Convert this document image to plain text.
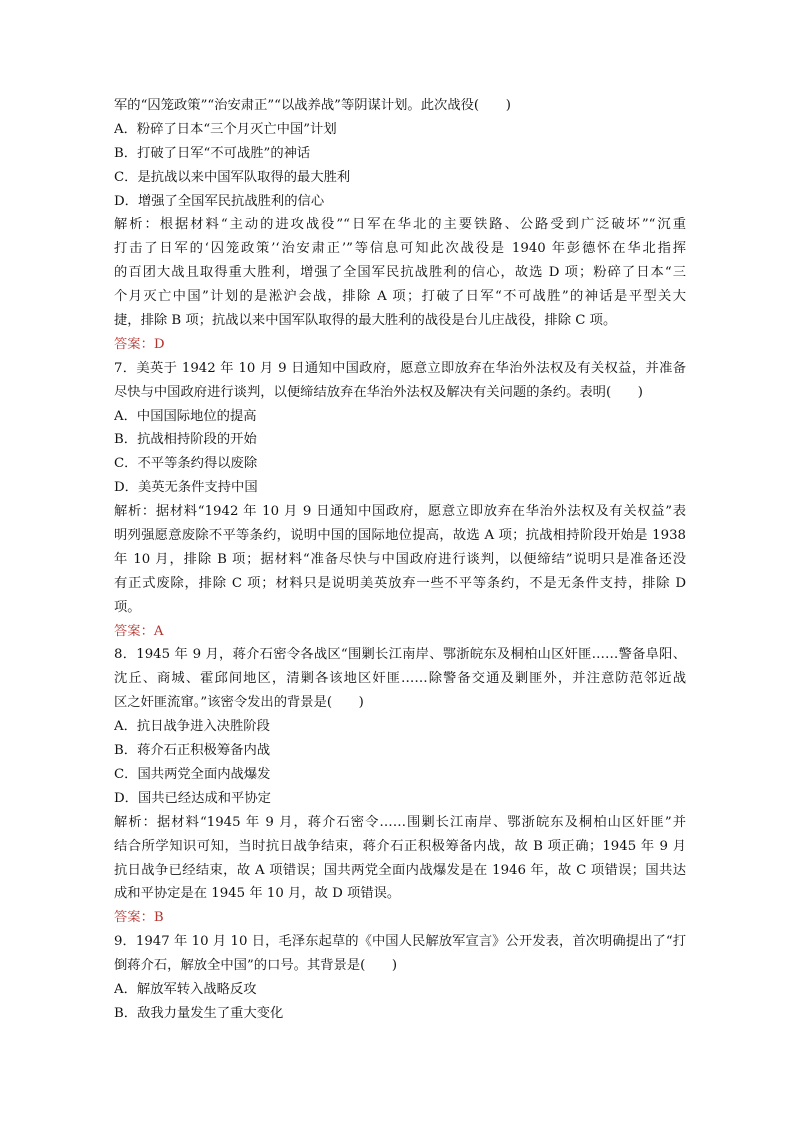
军的“囚笼政策”“治安肃正”“以战养战”等阴谋计划。此次战役(　　)
A．粉碎了日本“三个月灭亡中国”计划
B．打破了日军“不可战胜”的神话
C．是抗战以来中国军队取得的最大胜利
D．增强了全国军民抗战胜利的信心
解析：根据材料“主动的进攻战役”“日军在华北的主要铁路、公路受到广泛破坏”“沉重
打击了日军的‘囚笼政策’‘治安肃正’”等信息可知此次战役是 1940 年彭德怀在华北指挥
的百团大战且取得重大胜利，增强了全国军民抗战胜利的信心，故选 D 项；粉碎了日本“三
个月灭亡中国”计划的是淞沪会战，排除 A 项；打破了日军“不可战胜”的神话是平型关大
捷，排除 B 项；抗战以来中国军队取得的最大胜利的战役是台儿庄战役，排除 C 项。
答案：D
7．美英于 1942 年 10 月 9 日通知中国政府，愿意立即放弃在华治外法权及有关权益，并准备
尽快与中国政府进行谈判，以便缔结放弃在华治外法权及解决有关问题的条约。表明(　　)
A．中国国际地位的提高
B．抗战相持阶段的开始
C．不平等条约得以废除
D．美英无条件支持中国
解析：据材料“1942 年 10 月 9 日通知中国政府，愿意立即放弃在华治外法权及有关权益”表
明列强愿意废除不平等条约，说明中国的国际地位提高，故选 A 项；抗战相持阶段开始是 1938
年 10 月，排除 B 项；据材料“准备尽快与中国政府进行谈判，以便缔结”说明只是准备还没
有正式废除，排除 C 项；材料只是说明美英放弃一些不平等条约，不是无条件支持，排除 D
项。
答案：A
8．1945 年 9 月，蒋介石密令各战区“围剿长江南岸、鄂浙皖东及桐柏山区奸匪……警备阜阳、
沈丘、商城、霍邱间地区，清剿各该地区奸匪……除警备交通及剿匪外，并注意防范邻近战
区之奸匪流窜。”该密令发出的背景是(　　)
A．抗日战争进入决胜阶段
B．蒋介石正积极筹备内战
C．国共两党全面内战爆发
D．国共已经达成和平协定
解析：据材料“1945 年 9 月，蒋介石密令……围剿长江南岸、鄂浙皖东及桐柏山区奸匪”并
结合所学知识可知，当时抗日战争结束，蒋介石正积极筹备内战，故 B 项正确；1945 年 9 月
抗日战争已经结束，故 A 项错误；国共两党全面内战爆发是在 1946 年，故 C 项错误；国共达
成和平协定是在 1945 年 10 月，故 D 项错误。
答案：B
9．1947 年 10 月 10 日，毛泽东起草的《中国人民解放军宣言》公开发表，首次明确提出了“打
倒蒋介石，解放全中国”的口号。其背景是(　　)
A．解放军转入战略反攻
B．敌我力量发生了重大变化
